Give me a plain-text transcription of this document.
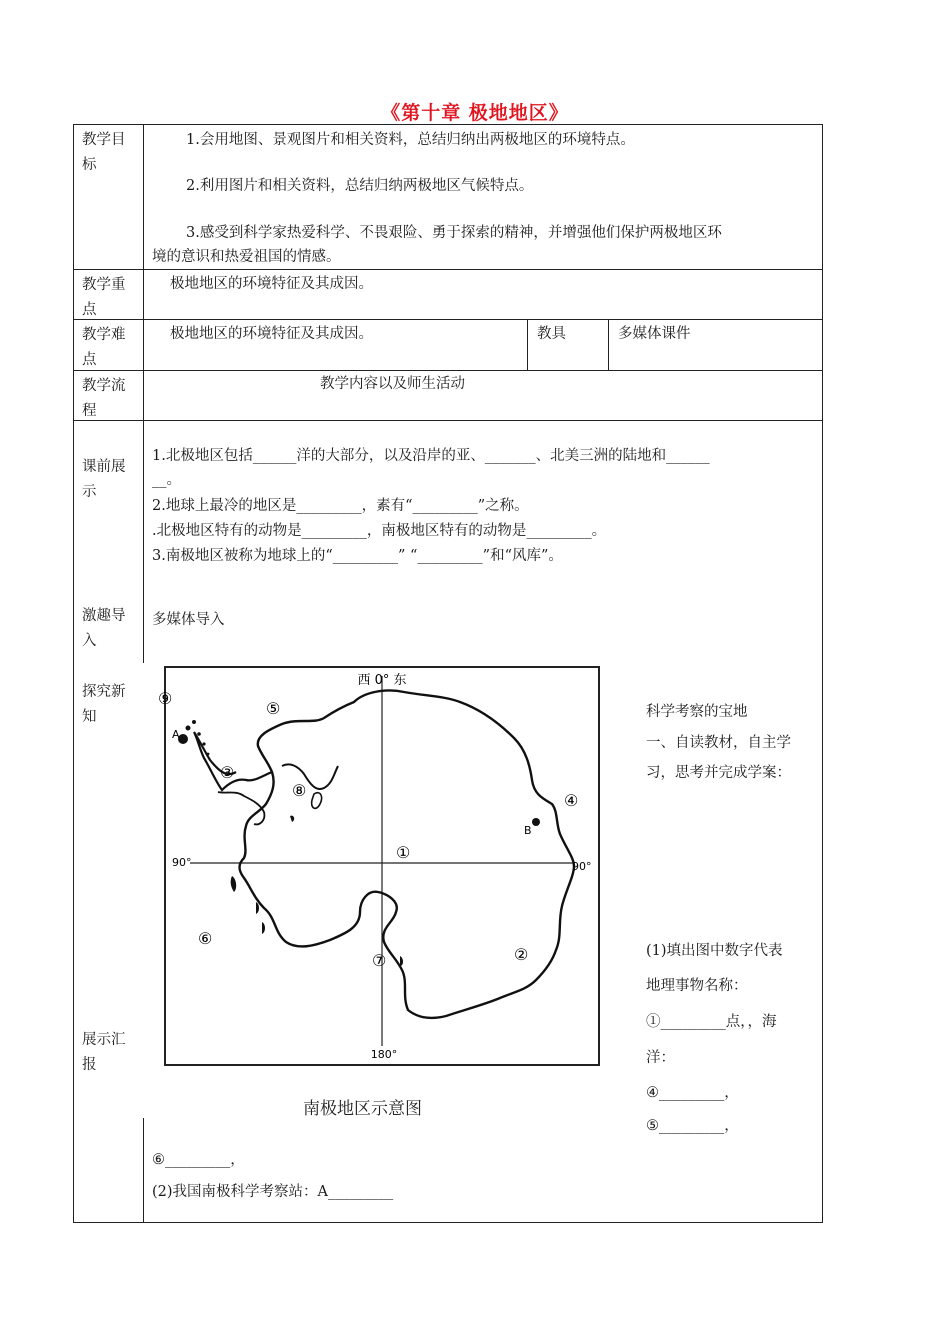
《第十章 极地地区》
教学目标
1.会用地图、景观图片和相关资料，总结归纳出两极地区的环境特点。
2.利用图片和相关资料，总结归纳两极地区气候特点。
3.感受到科学家热爱科学、不畏艰险、勇于探索的精神，并增强他们保护两极地区环
境的意识和热爱祖国的情感。
教学重点
极地地区的环境特征及其成因。
教学难点
极地地区的环境特征及其成因。	教具	多媒体课件
教学流程
教学内容以及师生活动
课前展示
1.北极地区包括______洋的大部分，以及沿岸的亚、_______、北美三洲的陆地和______
__。
2.地球上最冷的地区是_________，素有“_________”之称。
.北极地区特有的动物是_________，南极地区特有的动物是_________。
3.南极地区被称为地球上的“_________” “_________”和“风库”。
激趣导入
多媒体导入
探究新知	科学考察的宝地
一、自读教材，自主学
习，思考并完成学案：
(1)填出图中数字代表
地理事物名称：
①_________点，，海
洋：
④_________，
⑤_________，
展示汇报
⑥_________，
(2)我国南极科学考察站：A_________
西 0° 东
180°
90°	90°
①
②
③
④
⑤
⑥
⑦
⑧
⑨
A
B
南极地区示意图
